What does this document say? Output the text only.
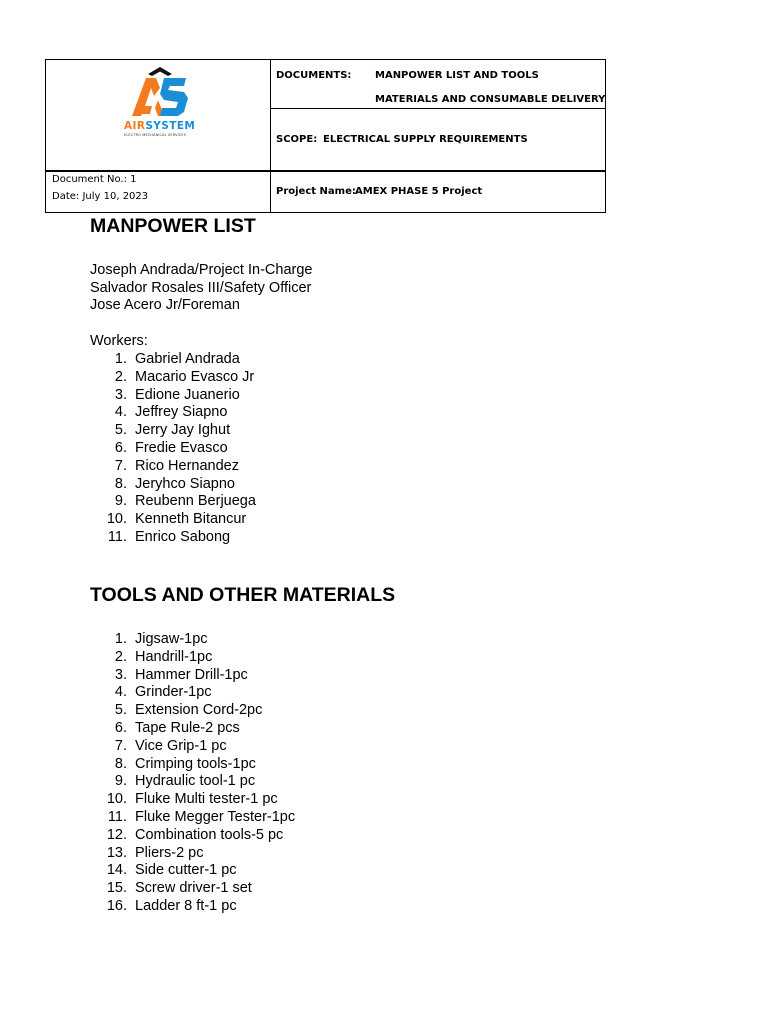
AIRSYSTEM
ELECTRO MECHANICAL SERVICES
DOCUMENTS: MANPOWER LIST AND TOOLS
MATERIALS AND CONSUMABLE DELIVERY
SCOPE: ELECTRICAL SUPPLY REQUIREMENTS
Document No.: 1
Date: July 10, 2023	Project Name: AMEX PHASE 5 Project
MANPOWER LIST
Joseph Andrada/Project In-Charge
Salvador Rosales III/Safety Officer
Jose Acero Jr/Foreman
Workers:
1. Gabriel Andrada
2. Macario Evasco Jr
3. Edione Juanerio
4. Jeffrey Siapno
5. Jerry Jay Ighut
6. Fredie Evasco
7. Rico Hernandez
8. Jeryhco Siapno
9. Reubenn Berjuega
10. Kenneth Bitancur
11. Enrico Sabong
TOOLS AND OTHER MATERIALS
1. Jigsaw-1pc
2. Handrill-1pc
3. Hammer Drill-1pc
4. Grinder-1pc
5. Extension Cord-2pc
6. Tape Rule-2 pcs
7. Vice Grip-1 pc
8. Crimping tools-1pc
9. Hydraulic tool-1 pc
10. Fluke Multi tester-1 pc
11. Fluke Megger Tester-1pc
12. Combination tools-5 pc
13. Pliers-2 pc
14. Side cutter-1 pc
15. Screw driver-1 set
16. Ladder 8 ft-1 pc
